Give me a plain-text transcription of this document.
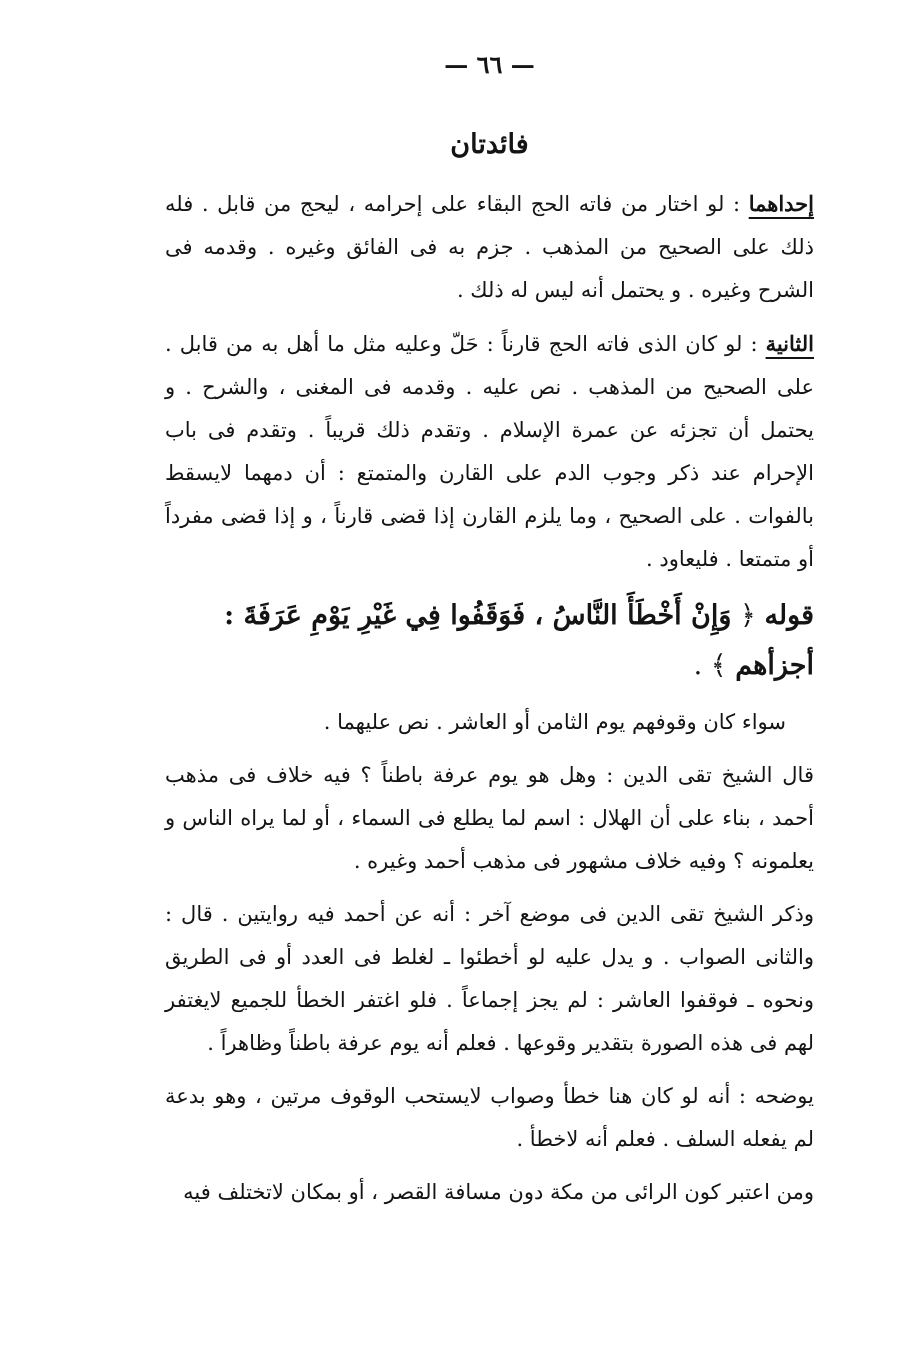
— ٦٦ —
فائدتان

إحداهما : لو اختار من فاته الحج البقاء على إحرامه ، ليحج من قابل . فله ذلك على الصحيح من المذهب . جزم به فى الفائق وغيره . وقدمه فى الشرح وغيره . و يحتمل أنه ليس له ذلك .

الثانية : لو كان الذى فاته الحج قارناً : حَلّ وعليه مثل ما أهل به من قابل . على الصحيح من المذهب . نص عليه . وقدمه فى المغنى ، والشرح . و يحتمل أن تجزئه عن عمرة الإسلام . وتقدم ذلك قريباً . وتقدم فى باب الإحرام عند ذكر وجوب الدم على القارن والمتمتع : أن دمهما لايسقط بالفوات . على الصحيح ، وما يلزم القارن إذا قضى قارناً ، و إذا قضى مفرداً أو متمتعا . فليعاود .

قوله ﴿ وَإِنْ أَخْطَأَ النَّاسُ ، فَوَقَفُوا فِي غَيْرِ يَوْمِ عَرَفَةَ : أجزأهم ﴾ .

سواء كان وقوفهم يوم الثامن أو العاشر . نص عليهما .

قال الشيخ تقى الدين : وهل هو يوم عرفة باطناً ؟ فيه خلاف فى مذهب أحمد ، بناء على أن الهلال : اسم لما يطلع فى السماء ، أو لما يراه الناس و يعلمونه ؟ وفيه خلاف مشهور فى مذهب أحمد وغيره .

وذكر الشيخ تقى الدين فى موضع آخر : أنه عن أحمد فيه روايتين . قال : والثانى الصواب . و يدل عليه لو أخطئوا ـ لغلط فى العدد أو فى الطريق ونحوه ـ فوقفوا العاشر : لم يجز إجماعاً . فلو اغتفر الخطأ للجميع لايغتفر لهم فى هذه الصورة بتقدير وقوعها . فعلم أنه يوم عرفة باطناً وظاهراً .

يوضحه : أنه لو كان هنا خطأ وصواب لايستحب الوقوف مرتين ، وهو بدعة لم يفعله السلف . فعلم أنه لاخطأ .

ومن اعتبر كون الرائى من مكة دون مسافة القصر ، أو بمكان لاتختلف فيه
